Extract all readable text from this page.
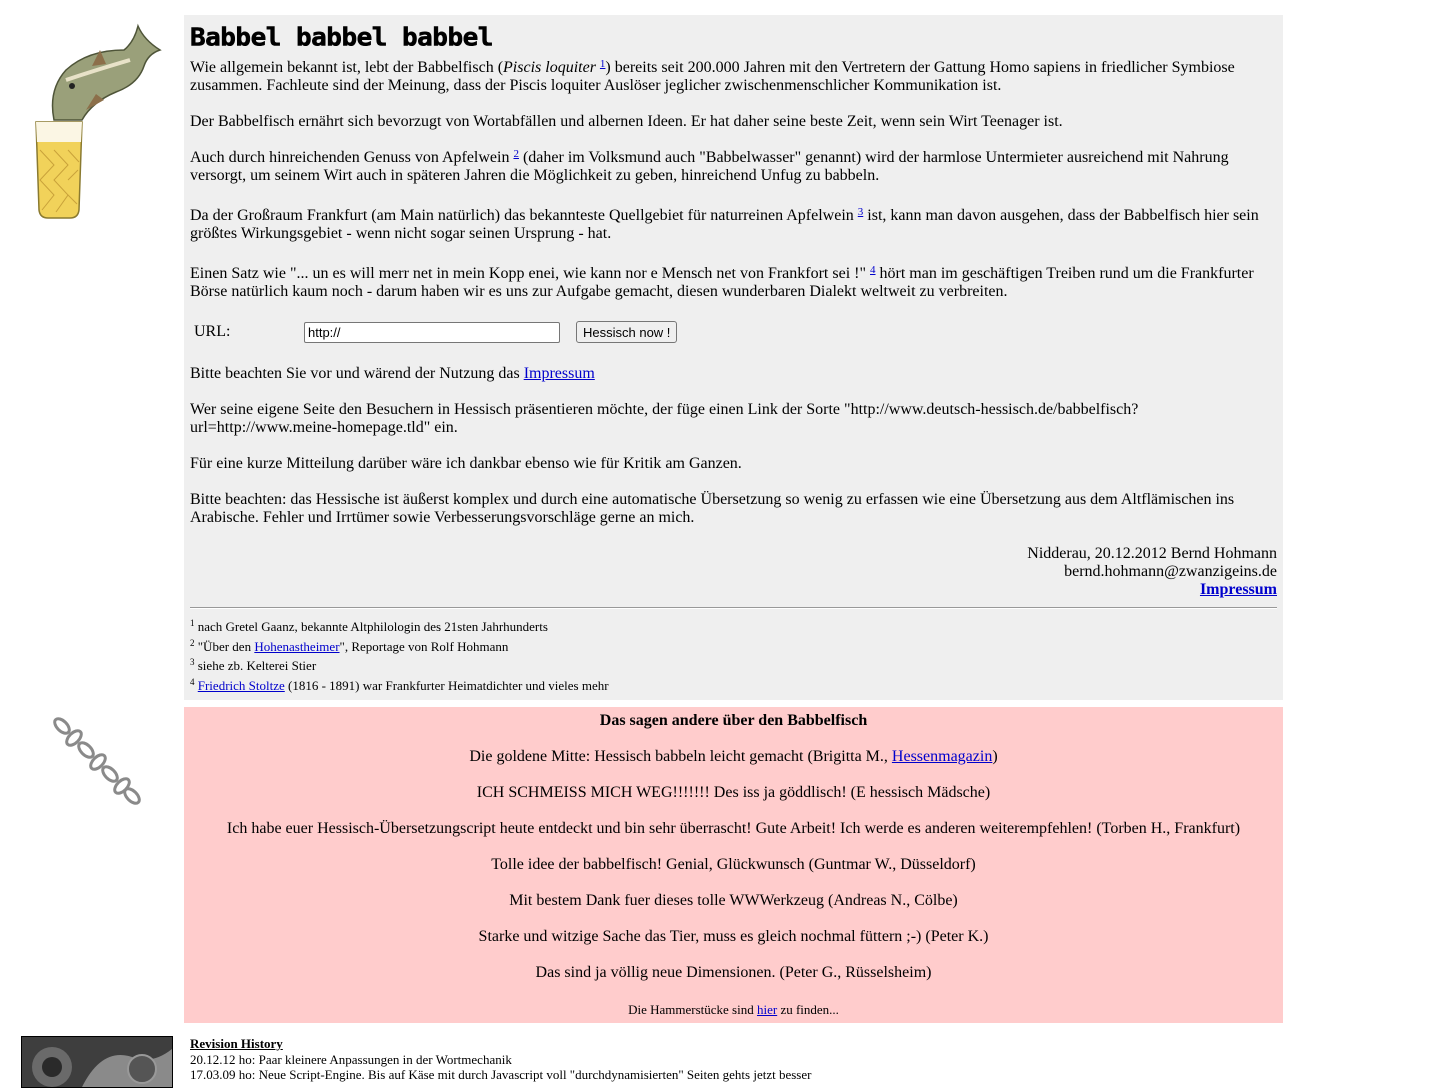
Babbel babbel babbel

Wie allgemein bekannt ist, lebt der Babbelfisch (Piscis loquiter $^1$) bereits seit 200.000 Jahren mit den Vertretern der Gattung Homo sapiens in friedlicher Symbiose zusammen. Fachleute sind der Meinung, dass der Piscis loquiter Auslöser jeglicher zwischenmenschlicher Kommunikation ist.

Der Babbelfisch ernährt sich bevorzugt von Wortabfällen und albernen Ideen. Er hat daher seine beste Zeit, wenn sein Wirt Teenager ist.

Auch durch hinreichenden Genuss von Apfelwein $^2$ (daher im Volksmund auch "Babbelwasser" genannt) wird der harmlose Untermieter ausreichend mit Nahrung versorgt, um seinem Wirt auch in späteren Jahren die Möglichkeit zu geben, hinreichend Unfug zu babbeln.

Da der Großraum Frankfurt (am Main natürlich) das bekannteste Quellgebiet für naturreinen Apfelwein $^3$ ist, kann man davon ausgehen, dass der Babbelfisch hier sein größtes Wirkungsgebiet - wenn nicht sogar seinen Ursprung - hat.

Einen Satz wie "... un es will merr net in mein Kopp enei, wie kann nor e Mensch net von Frankfort sei !" $^4$ hört man im geschäftigen Treiben rund um die Frankfurter Börse natürlich kaum noch - darum haben wir es uns zur Aufgabe gemacht, diesen wunderbaren Dialekt weltweit zu verbreiten.

URL:
http://	Hessisch now !

Bitte beachten Sie vor und wärend der Nutzung das Impressum

Wer seine eigene Seite den Besuchern in Hessisch präsentieren möchte, der füge einen Link der Sorte "http://www.deutsch-hessisch.de/babbelfisch?
url=http://www.meine-homepage.tld" ein.

Für eine kurze Mitteilung darüber wäre ich dankbar ebenso wie für Kritik am Ganzen.

Bitte beachten: das Hessische ist äußerst komplex und durch eine automatische Übersetzung so wenig zu erfassen wie eine Übersetzung aus dem Altflämischen ins Arabische. Fehler und Irrtümer sowie Verbesserungsvorschläge gerne an mich.

Nidderau, 20.12.2012 Bernd Hohmann
bernd.hohmann@zwanzigeins.de
Impressum
$^1$ nach Gretel Gaanz, bekannte Altphilologin des 21sten Jahrhunderts
$^2$ "Über den Hohenastheimer", Reportage von Rolf Hohmann
$^3$ siehe zb. Kelterei Stier
$^4$ Friedrich Stoltze (1816 - 1891) war Frankfurter Heimatdichter und vieles mehr

Das sagen andere über den Babbelfisch

Die goldene Mitte: Hessisch babbeln leicht gemacht (Brigitta M., Hessenmagazin)

ICH SCHMEISS MICH WEG!!!!!!! Des iss ja göddlisch! (E hessisch Mädsche)

Ich habe euer Hessisch-Übersetzungscript heute entdeckt und bin sehr überrascht! Gute Arbeit! Ich werde es anderen weiterempfehlen! (Torben H., Frankfurt)

Tolle idee der babbelfisch! Genial, Glückwunsch (Guntmar W., Düsseldorf)

Mit bestem Dank fuer dieses tolle WWWerkzeug (Andreas N., Cölbe)

Starke und witzige Sache das Tier, muss es gleich nochmal füttern ;-) (Peter K.)

Das sind ja völlig neue Dimensionen. (Peter G., Rüsselsheim)

Die Hammerstücke sind hier zu finden...
Revision History
20.12.12 ho: Paar kleinere Anpassungen in der Wortmechanik
17.03.09 ho: Neue Script-Engine. Bis auf Käse mit durch Javascript voll "durchdynamisierten" Seiten gehts jetzt besser
